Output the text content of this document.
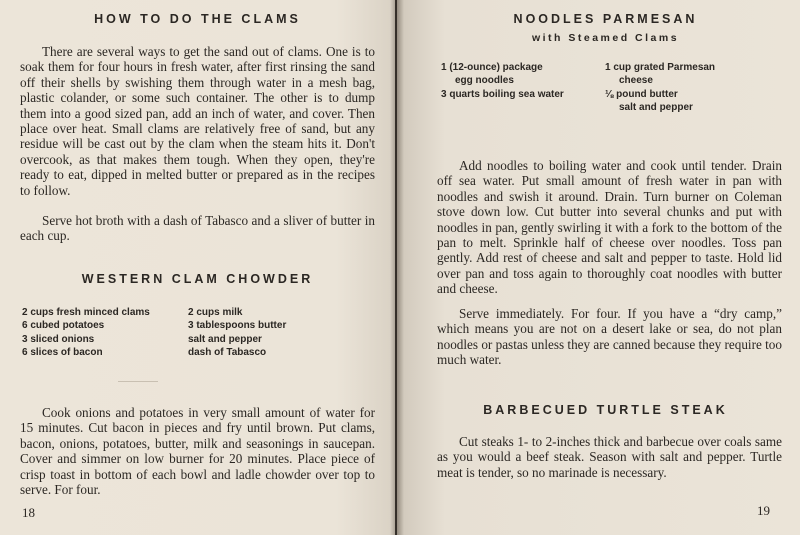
HOW TO DO THE CLAMS

There are several ways to get the sand out of clams. One is to soak them for four hours in fresh water, after first rinsing the sand off their shells by swishing them through water in a mesh bag, plastic colander, or some such container. The other is to dump them into a good sized pan, add an inch of water, and cover. Then place over heat. Small clams are relatively free of sand, but any residue will be cast out by the clam when the steam hits it. Don't overcook, as that makes them tough. When they open, they're ready to eat, dipped in melted butter or prepared as in the recipes to follow.

Serve hot broth with a dash of Tabasco and a sliver of butter in each cup.

WESTERN CLAM CHOWDER
2 cups fresh minced clams
6 cubed potatoes
3 sliced onions
6 slices of bacon
2 cups milk
3 tablespoons butter
salt and pepper
dash of Tabasco

Cook onions and potatoes in very small amount of water for 15 minutes. Cut bacon in pieces and fry until brown. Put clams, bacon, onions, potatoes, butter, milk and seasonings in saucepan. Cover and simmer on low burner for 20 minutes. Place piece of crisp toast in bottom of each bowl and ladle chowder over top to serve. For four.

18
NOODLES PARMESAN
with Steamed Clams
1 (12-ounce) package
egg noodles
3 quarts boiling sea water
1 cup grated Parmesan
cheese
⅛ pound butter
salt and pepper

Add noodles to boiling water and cook until tender. Drain off sea water. Put small amount of fresh water in pan with noodles and swish it around. Drain. Turn burner on Coleman stove down low. Cut butter into several chunks and put with noodles in pan, gently swirling it with a fork to the bottom of the pan to melt. Sprinkle half of cheese over noodles. Toss pan gently. Add rest of cheese and salt and pepper to taste. Hold lid over pan and toss again to thoroughly coat noodles with butter and cheese.

Serve immediately. For four. If you have a “dry camp,” which means you are not on a desert lake or sea, do not plan noodles or pastas unless they are canned because they require too much water.

BARBECUED TURTLE STEAK

Cut steaks 1- to 2-inches thick and barbecue over coals same as you would a beef steak. Season with salt and pepper. Turtle meat is tender, so no marinade is necessary.

19
